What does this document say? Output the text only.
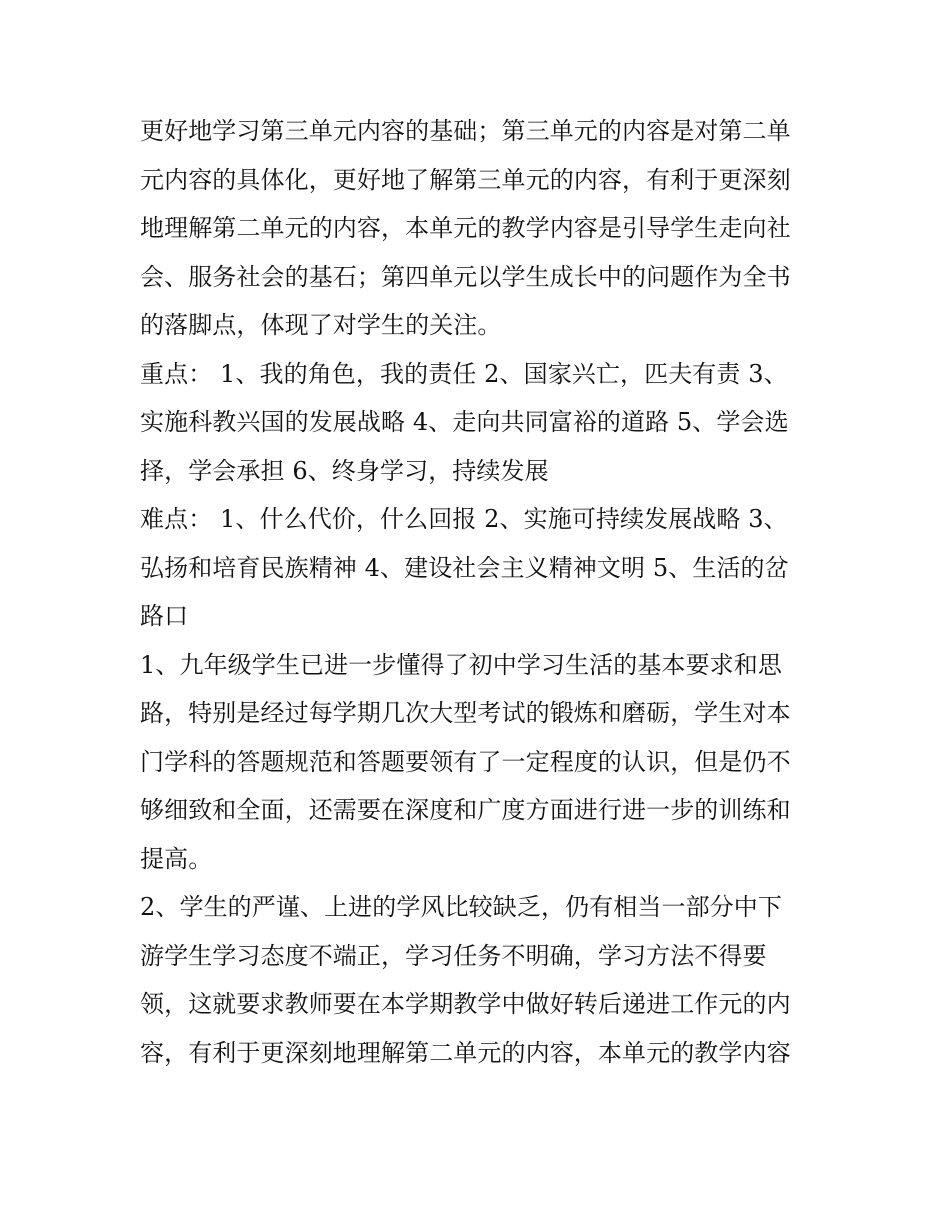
更好地学习第三单元内容的基础；第三单元的内容是对第二单
元内容的具体化，更好地了解第三单元的内容，有利于更深刻
地理解第二单元的内容，本单元的教学内容是引导学生走向社
会、服务社会的基石；第四单元以学生成长中的问题作为全书
的落脚点，体现了对学生的关注。
重点： 1、我的角色，我的责任 2、国家兴亡，匹夫有责 3、
实施科教兴国的发展战略 4、走向共同富裕的道路 5、学会选
择，学会承担 6、终身学习，持续发展
难点： 1、什么代价，什么回报 2、实施可持续发展战略 3、
弘扬和培育民族精神 4、建设社会主义精神文明 5、生活的岔
路口
1、九年级学生已进一步懂得了初中学习生活的基本要求和思
路，特别是经过每学期几次大型考试的锻炼和磨砺，学生对本
门学科的答题规范和答题要领有了一定程度的认识，但是仍不
够细致和全面，还需要在深度和广度方面进行进一步的训练和
提高。
2、学生的严谨、上进的学风比较缺乏，仍有相当一部分中下
游学生学习态度不端正，学习任务不明确，学习方法不得要
领，这就要求教师要在本学期教学中做好转后递进工作元的内
容，有利于更深刻地理解第二单元的内容，本单元的教学内容
